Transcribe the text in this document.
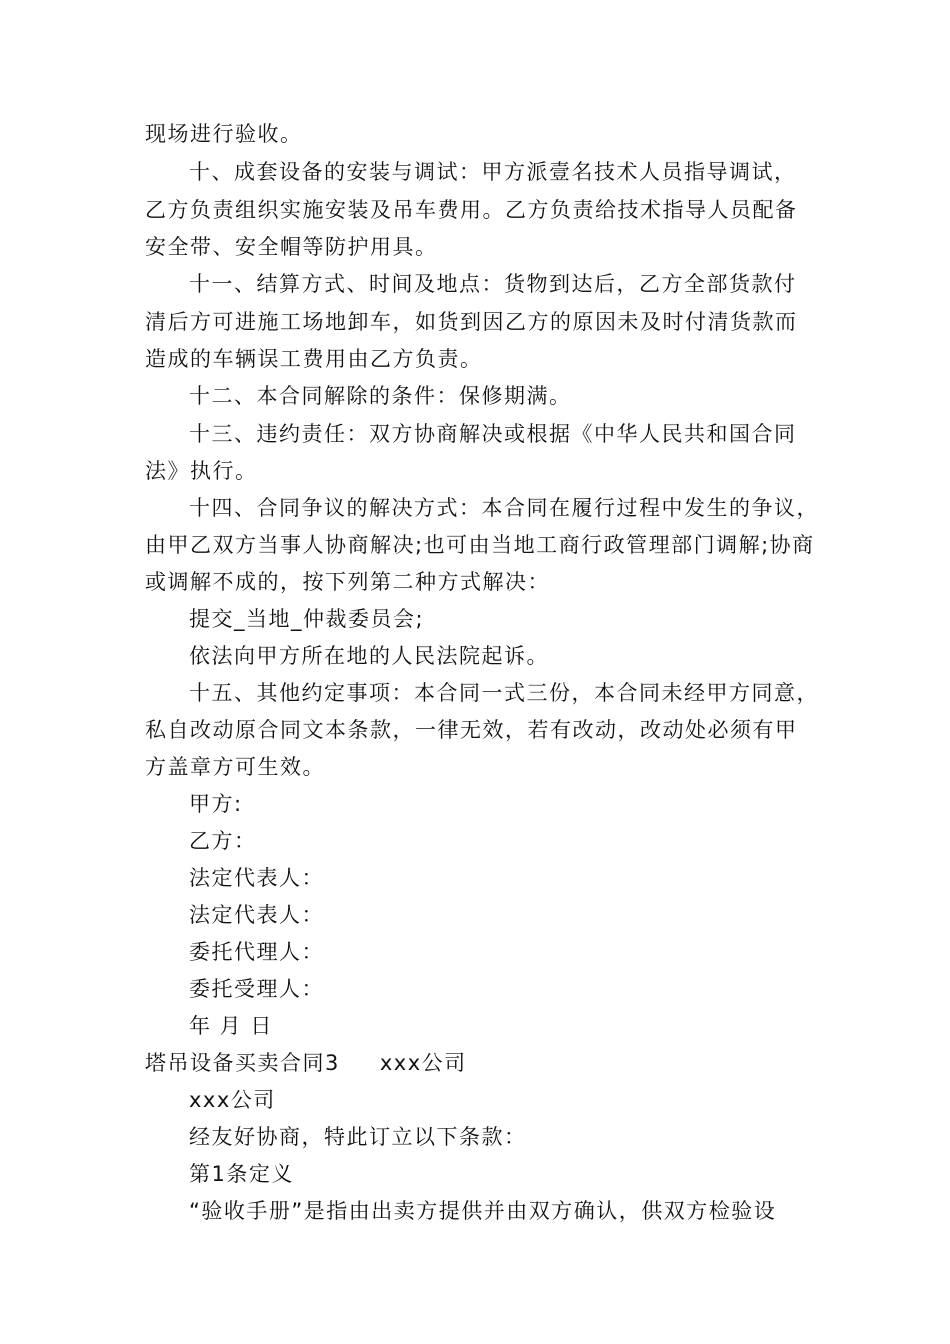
现场进行验收。
十、成套设备的安装与调试：甲方派壹名技术人员指导调试，
乙方负责组织实施安装及吊车费用。乙方负责给技术指导人员配备
安全带、安全帽等防护用具。
十一、结算方式、时间及地点：货物到达后，乙方全部货款付
清后方可进施工场地卸车，如货到因乙方的原因未及时付清货款而
造成的车辆误工费用由乙方负责。
十二、本合同解除的条件：保修期满。
十三、违约责任：双方协商解决或根据《中华人民共和国合同
法》执行。
十四、合同争议的解决方式：本合同在履行过程中发生的争议，
由甲乙双方当事人协商解决;也可由当地工商行政管理部门调解;协商
或调解不成的，按下列第二种方式解决：
提交_当地_仲裁委员会;
依法向甲方所在地的人民法院起诉。
十五、其他约定事项：本合同一式三份，本合同未经甲方同意，
私自改动原合同文本条款，一律无效，若有改动，改动处必须有甲
方盖章方可生效。
甲方:
乙方：
法定代表人：
法定代表人：
委托代理人：
委托受理人：
年 月 日
塔吊设备买卖合同3 xxx公司
xxx公司
经友好协商，特此订立以下条款：
第1条定义
“验收手册”是指由出卖方提供并由双方确认，供双方检验设
